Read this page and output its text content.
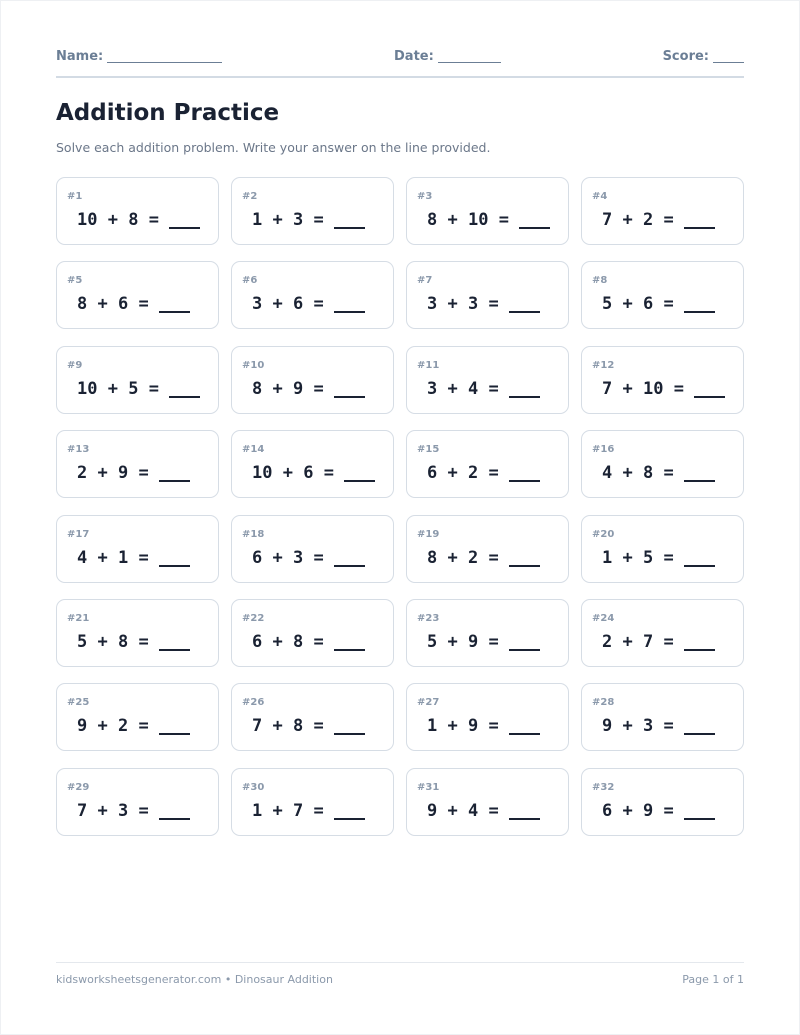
Name:	Date:	Score:
Addition Practice

Solve each addition problem. Write your answer on the line provided.

#1
10 + 8 =
#2
1 + 3 =
#3
8 + 10 =
#4
7 + 2 =
#5
8 + 6 =
#6
3 + 6 =
#7
3 + 3 =
#8
5 + 6 =
#9
10 + 5 =
#10
8 + 9 =
#11
3 + 4 =
#12
7 + 10 =
#13
2 + 9 =
#14
10 + 6 =
#15
6 + 2 =
#16
4 + 8 =
#17
4 + 1 =
#18
6 + 3 =
#19
8 + 2 =
#20
1 + 5 =
#21
5 + 8 =
#22
6 + 8 =
#23
5 + 9 =
#24
2 + 7 =
#25
9 + 2 =
#26
7 + 8 =
#27
1 + 9 =
#28
9 + 3 =
#29
7 + 3 =
#30
1 + 7 =
#31
9 + 4 =
#32
6 + 9 =
kidsworksheetsgenerator.com • Dinosaur Addition	Page 1 of 1
